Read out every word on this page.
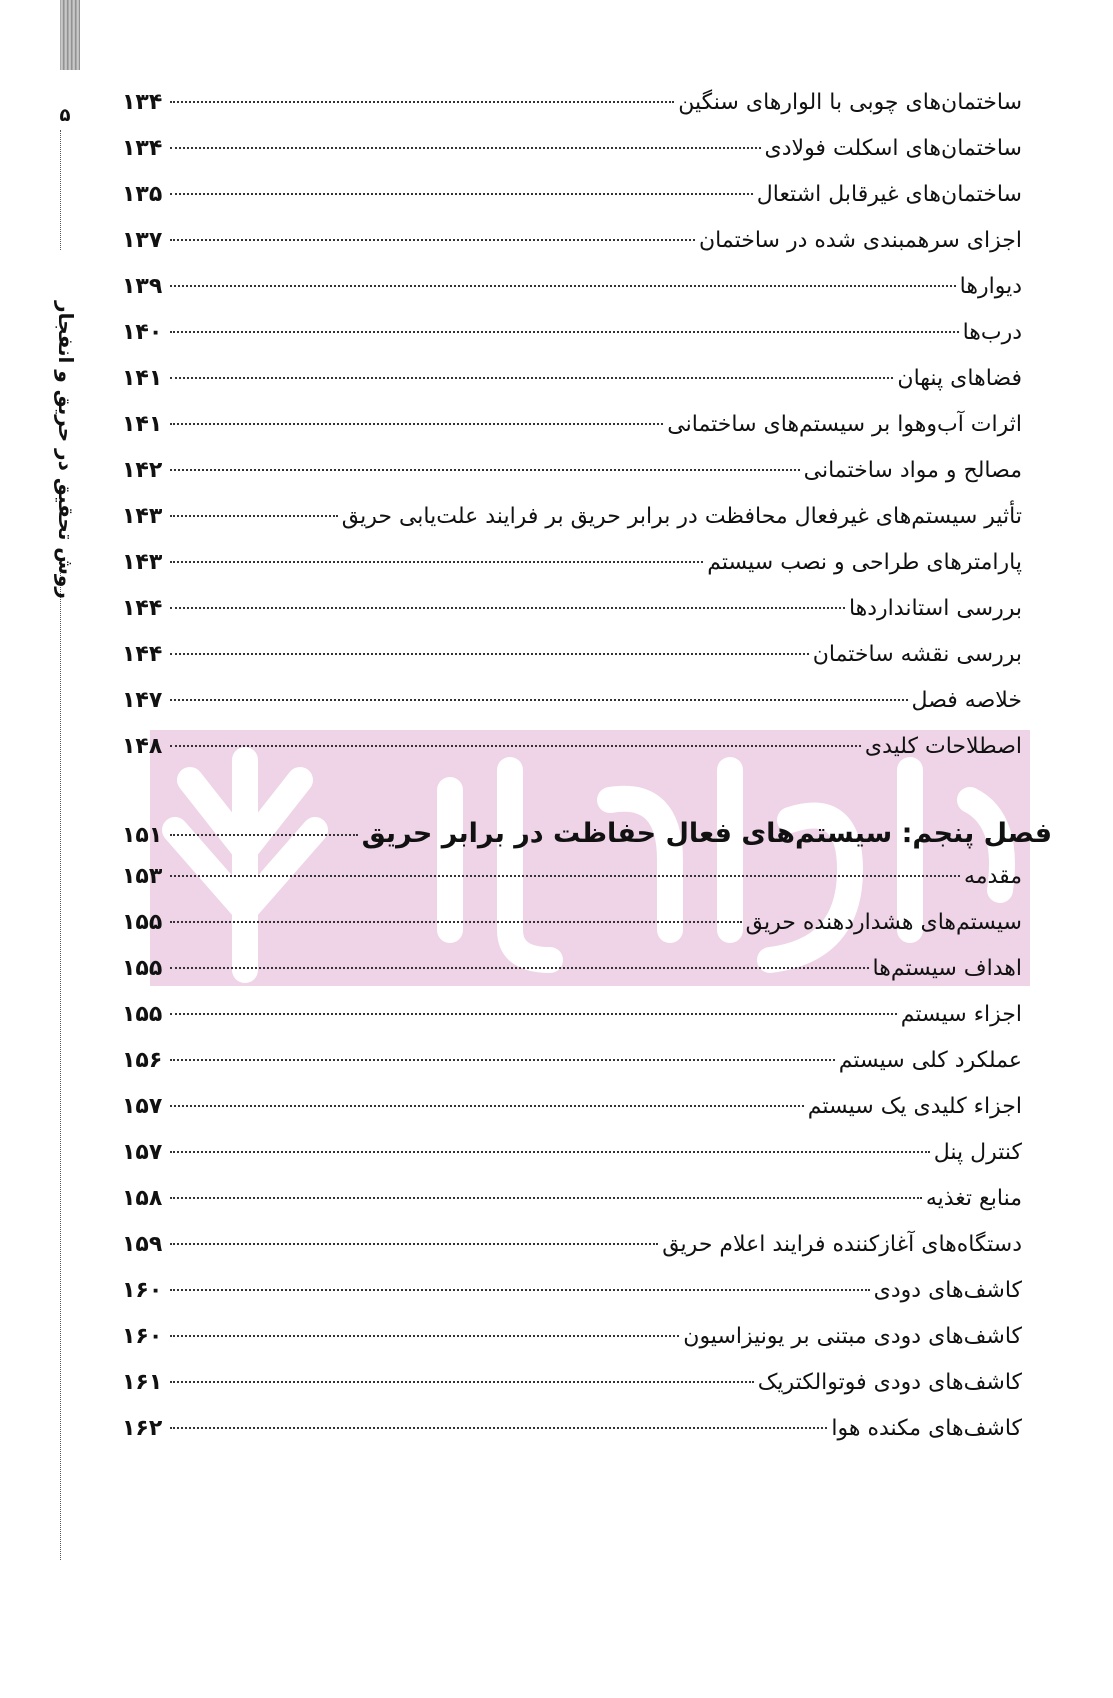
۵
روش تحقیق در حریق و انفجار
ساختمان‌های چوبی با الوارهای سنگین
۱۳۴
ساختمان‌های اسکلت فولادی
۱۳۴
ساختمان‌های غیرقابل اشتعال
۱۳۵
اجزای سرهمبندی شده در ساختمان
۱۳۷
دیوارها
۱۳۹
درب‌ها
۱۴۰
فضاهای پنهان
۱۴۱
اثرات آب‌وهوا بر سیستم‌های ساختمانی
۱۴۱
مصالح و مواد ساختمانی
۱۴۲
تأثیر سیستم‌های غیرفعال محافظت در برابر حریق بر فرایند علت‌یابی حریق
۱۴۳
پارامترهای طراحی و نصب سیستم
۱۴۳
بررسی استانداردها
۱۴۴
بررسی نقشه ساختمان
۱۴۴
خلاصه فصل
۱۴۷
اصطلاحات کلیدی
۱۴۸
فصل پنجم: سیستم‌های فعال حفاظت در برابر حریق
۱۵۱
مقدمه
۱۵۳
سیستم‌های هشداردهنده حریق
۱۵۵
اهداف سیستم‌ها
۱۵۵
اجزاء سیستم
۱۵۵
عملکرد کلی سیستم
۱۵۶
اجزاء کلیدی یک سیستم
۱۵۷
کنترل پنل
۱۵۷
منابع تغذیه
۱۵۸
دستگاه‌های آغازکننده فرایند اعلام حریق
۱۵۹
کاشف‌های دودی
۱۶۰
کاشف‌های دودی مبتنی بر یونیزاسیون
۱۶۰
کاشف‌های دودی فوتوالکتریک
۱۶۱
کاشف‌های مکنده هوا
۱۶۲
